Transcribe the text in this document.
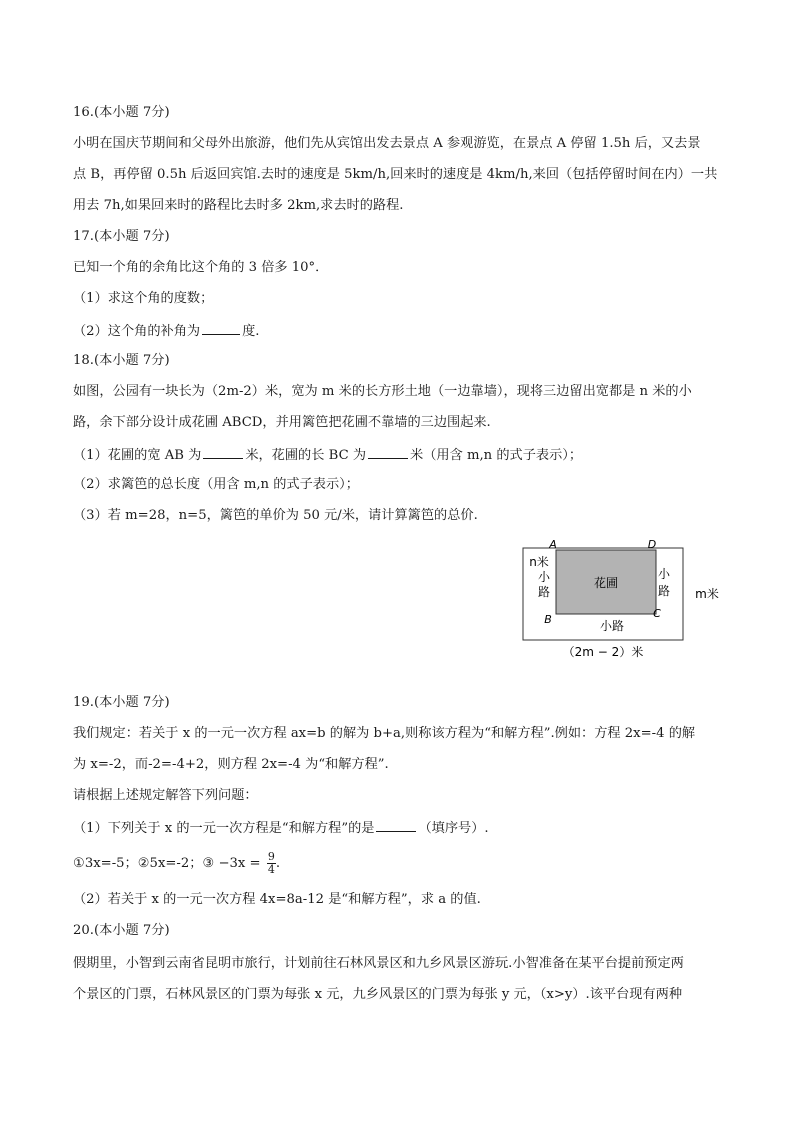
16.(本小题 7分)
小明在国庆节期间和父母外出旅游，他们先从宾馆出发去景点 A 参观游览，在景点 A 停留 1.5h 后，又去景
点 B，再停留 0.5h 后返回宾馆.去时的速度是 5km/h,回来时的速度是 4km/h,来回（包括停留时间在内）一共
用去 7h,如果回来时的路程比去时多 2km,求去时的路程.
17.(本小题 7分)
已知一个角的余角比这个角的 3 倍多 10°．
（1）求这个角的度数；
（2）这个角的补角为	度.
18.(本小题 7分)
如图，公园有一块长为（2m-2）米，宽为 m 米的长方形土地（一边靠墙），现将三边留出宽都是 n 米的小
路，余下部分设计成花圃 ABCD，并用篱笆把花圃不靠墙的三边围起来.
（1）花圃的宽 AB 为	米，花圃的长 BC 为	米（用含 m,n 的式子表示）；
（2）求篱笆的总长度（用含 m,n 的式子表示）；
（3）若 m=28，n=5，篱笆的单价为 50 元/米，请计算篱笆的总价.
A	D
B	C
花圃
n米
小
路
小
路
小路
m米
（2m − 2）米
19.(本小题 7分)
我们规定：若关于 x 的一元一次方程 ax=b 的解为 b+a,则称该方程为“和解方程”.例如：方程 2x=-4 的解
为 x=-2，而-2=-4+2，则方程 2x=-4 为“和解方程”.
请根据上述规定解答下列问题：
（1）下列关于 x 的一元一次方程是“和解方程”的是	（填序号）.
①3x=-5；②5x=-2；③ $-3x = \frac{9}{4}$ .
（2）若关于 x 的一元一次方程 4x=8a-12 是“和解方程”，求 a 的值.
20.(本小题 7分)
假期里，小智到云南省昆明市旅行，计划前往石林风景区和九乡风景区游玩.小智准备在某平台提前预定两
个景区的门票，石林风景区的门票为每张 x 元，九乡风景区的门票为每张 y 元，（x>y）.该平台现有两种
